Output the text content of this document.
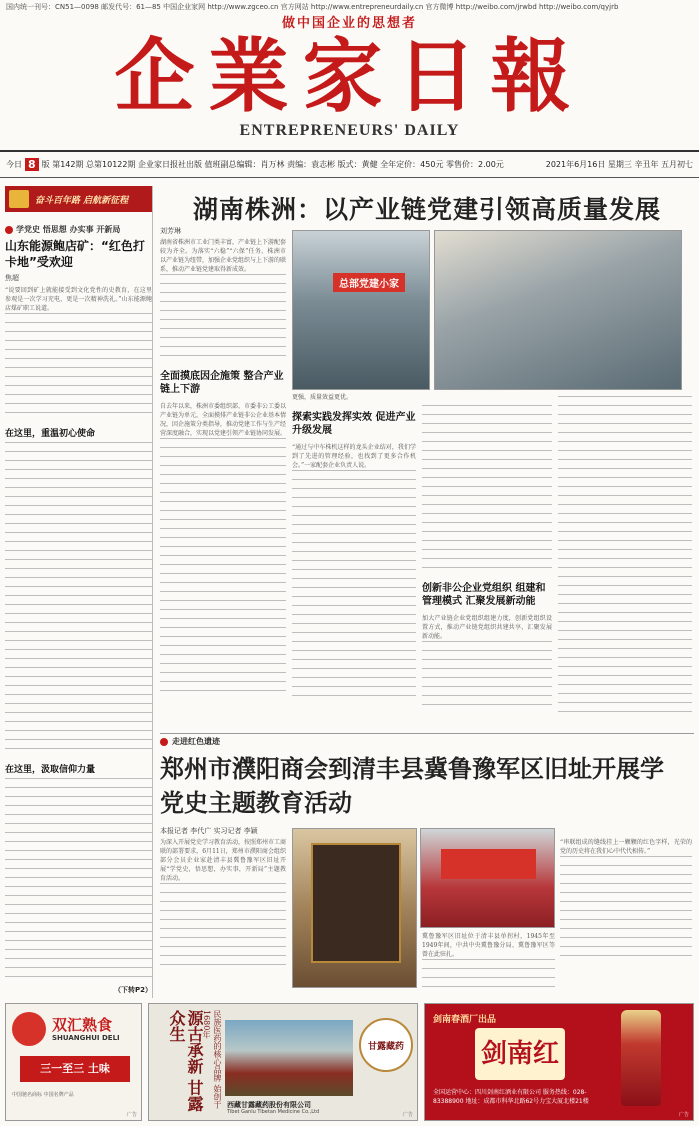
国内统一刊号：CN51—0098 邮发代号：61—85 中国企业家网 http://www.zgceo.cn 官方网站 http://www.entrepreneurdaily.cn 官方微博 http://weibo.com/jrwbd http://weibo.com/qyjrb
做中国企业的思想者
企業家日報
ENTREPRENEURS' DAILY
今日 8 版 第142期 总第10122期 企业家日报社出版 值班副总编辑：肖万林 责编：袁志彬 版式：黄健 全年定价：450元 零售价：2.00元	2021年6月16日 星期三 辛丑年 五月初七
奋斗百年路 启航新征程
学党史 悟思想 办实事 开新局
山东能源鲍店矿：“红色打卡地”受欢迎
焦超
“说要回到矿上就能接受到文化党性的史教育，在这里参观是一次学习充电，更是一次精神洗礼。”山东能源鲍店煤矿职工说道。
在这里，重温初心使命
在这里，汲取信仰力量
（下转P2）
湖南株洲：以产业链党建引领高质量发展
刘芳琳
湖南省株洲市工业门类丰富，产业链上下游配套较为齐全。为落实“六稳”“六保”任务，株洲市以产业链为纽带，加强企业党组织与上下游的联系，推动产业链党建取得新成效。
全面摸底因企施策 整合产业链上下游
自去年以来，株洲市委组织部、市委非公工委以产业链为单元，全面摸排产业链非公企业基本情况，因企施策分类指导，推动党建工作与生产经营深度融合，实现以党建引领产业链协同发展。
总部党建小家
更强，质量效益更优。
探索实践发挥实效 促进产业升级发展
“通过与中车株机这样的龙头企业结对，我们学到了先进的管理经验，也找到了更多合作机会。”一家配套企业负责人说。
创新非公企业党组织 组建和管理模式 汇聚发展新动能
加大产业链企业党组织组建力度，创新党组织设置方式，推动产业链党组织共建共享，汇聚发展新动能。
走进红色遗迹
郑州市濮阳商会到清丰县冀鲁豫军区旧址开展学党史主题教育活动
本报记者 李代广 实习记者 李颖
为深入开展党史学习教育活动，按照郑州市工商联的部署要求，6月11日，郑州市濮阳商会组织部分会员企业家赴清丰县冀鲁豫军区旧址开展“学党史，悟思想，办实事，开新局”主题教育活动。
冀鲁豫军区旧址位于清丰县单拐村，1945年至1949年间，中共中央冀鲁豫分局、冀鲁豫军区等曾在此驻扎。
“串联组成的缝线挂上一颗颗的红色字样，光荣的党的历史将在我们心中代代相传。”
双汇熟食
SHUANGHUI DELI
三一至三 土味
中国驰名商标 中国名牌产品
广告
源古承新 甘露众生	民族医药的核心品牌 始创于1680年
甘露藏药
西藏甘露藏药股份有限公司
Tibet Ganlu Tibetan Medicine Co.,Ltd	广告
剑南春酒厂出品
剑南红
全国运营中心：四川剑南红酒业有限公司 服务热线：028-83388900 地址：成都市科华北路62号力宝大厦北楼21楼
广告
